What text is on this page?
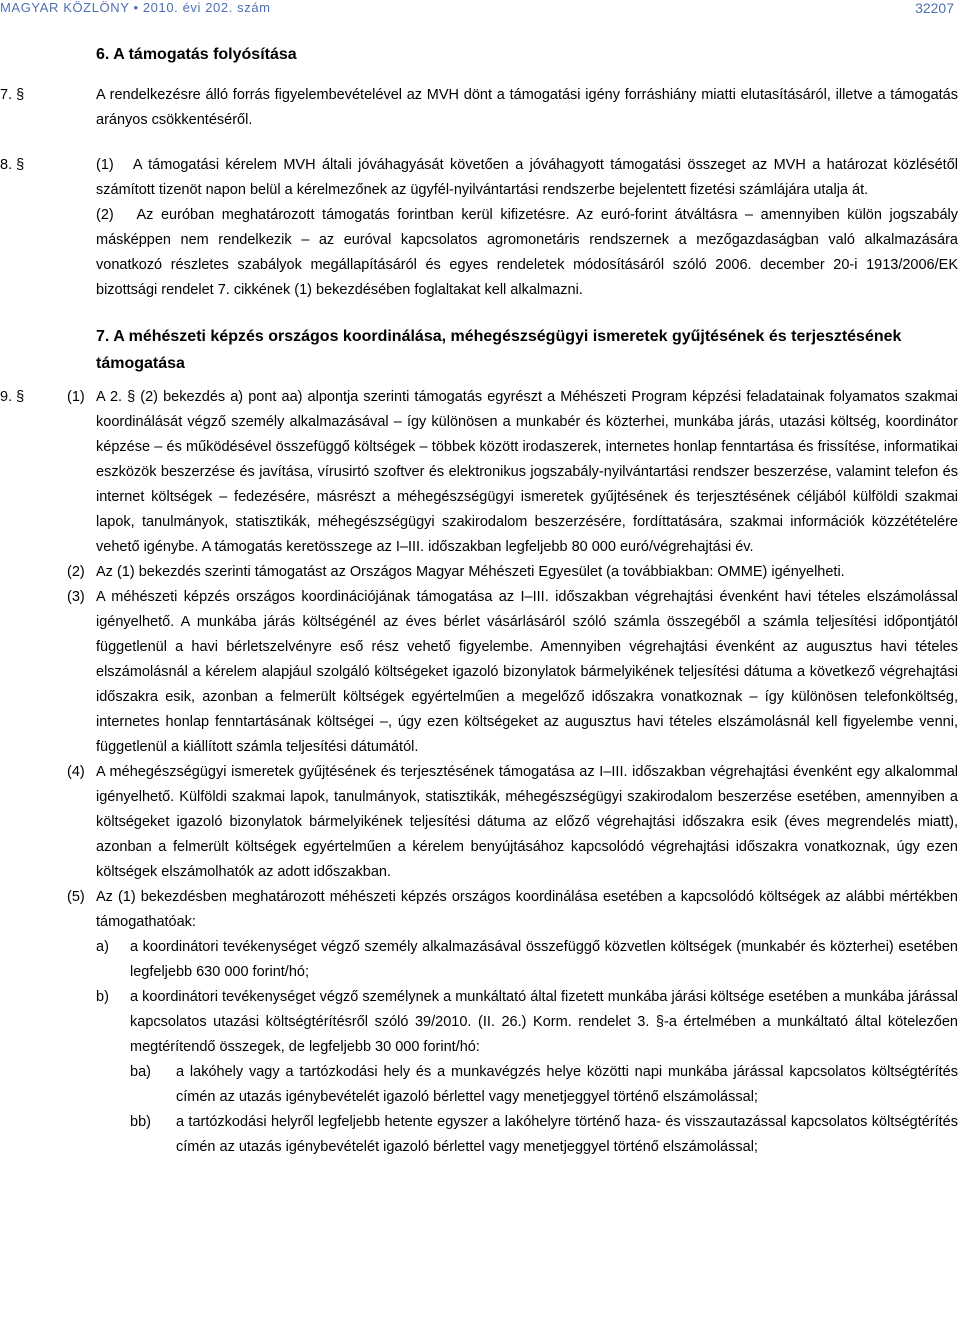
MAGYAR KÖZLÖNY • 2010. évi 202. szám	32207

6. A támogatás folyósítása

7. §	A rendelkezésre álló forrás figyelembevételével az MVH dönt a támogatási igény forráshiány miatti elutasításáról, illetve a támogatás arányos csökkentéséről.

8. §	(1) A támogatási kérelem MVH általi jóváhagyását követően a jóváhagyott támogatási összeget az MVH a határozat közlésétől számított tizenöt napon belül a kérelmezőnek az ügyfél-nyilvántartási rendszerbe bejelentett fizetési számlájára utalja át.

(2) Az euróban meghatározott támogatás forintban kerül kifizetésre. Az euró-forint átváltásra – amennyiben külön jogszabály másképpen nem rendelkezik – az euróval kapcsolatos agromonetáris rendszernek a mezőgazdaságban való alkalmazására vonatkozó részletes szabályok megállapításáról és egyes rendeletek módosításáról szóló 2006. december 20-i 1913/2006/EK bizottsági rendelet 7. cikkének (1) bekezdésében foglaltakat kell alkalmazni.

7. A méhészeti képzés országos koordinálása, méhegészségügyi ismeretek gyűjtésének és terjesztésének támogatása

9. §	(1) A 2. § (2) bekezdés a) pont aa) alpontja szerinti támogatás egyrészt a Méhészeti Program képzési feladatainak folyamatos szakmai koordinálását végző személy alkalmazásával – így különösen a munkabér és közterhei, munkába járás, utazási költség, koordinátor képzése – és működésével összefüggő költségek – többek között irodaszerek, internetes honlap fenntartása és frissítése, informatikai eszközök beszerzése és javítása, vírusirtó szoftver és elektronikus jogszabály-nyilvántartási rendszer beszerzése, valamint telefon és internet költségek – fedezésére, másrészt a méhegészségügyi ismeretek gyűjtésének és terjesztésének céljából külföldi szakmai lapok, tanulmányok, statisztikák, méhegészségügyi szakirodalom beszerzésére, fordíttatására, szakmai információk közzétételére vehető igénybe. A támogatás keretösszege az I–III. időszakban legfeljebb 80 000 euró/végrehajtási év.

(2) Az (1) bekezdés szerinti támogatást az Országos Magyar Méhészeti Egyesület (a továbbiakban: OMME) igényelheti.

(3) A méhészeti képzés országos koordinációjának támogatása az I–III. időszakban végrehajtási évenként havi tételes elszámolással igényelhető. A munkába járás költségénél az éves bérlet vásárlásáról szóló számla összegéből a számla teljesítési időpontjától függetlenül a havi bérletszelvényre eső rész vehető figyelembe. Amennyiben végrehajtási évenként az augusztus havi tételes elszámolásnál a kérelem alapjául szolgáló költségeket igazoló bizonylatok bármelyikének teljesítési dátuma a következő végrehajtási időszakra esik, azonban a felmerült költségek egyértelműen a megelőző időszakra vonatkoznak – így különösen telefonköltség, internetes honlap fenntartásának költségei –, úgy ezen költségeket az augusztus havi tételes elszámolásnál kell figyelembe venni, függetlenül a kiállított számla teljesítési dátumától.

(4) A méhegészségügyi ismeretek gyűjtésének és terjesztésének támogatása az I–III. időszakban végrehajtási évenként egy alkalommal igényelhető. Külföldi szakmai lapok, tanulmányok, statisztikák, méhegészségügyi szakirodalom beszerzése esetében, amennyiben a költségeket igazoló bizonylatok bármelyikének teljesítési dátuma az előző végrehajtási időszakra esik (éves megrendelés miatt), azonban a felmerült költségek egyértelműen a kérelem benyújtásához kapcsolódó végrehajtási időszakra vonatkoznak, úgy ezen költségek elszámolhatók az adott időszakban.

(5) Az (1) bekezdésben meghatározott méhészeti képzés országos koordinálása esetében a kapcsolódó költségek az alábbi mértékben támogathatóak:

a) a koordinátori tevékenységet végző személy alkalmazásával összefüggő közvetlen költségek (munkabér és közterhei) esetében legfeljebb 630 000 forint/hó;

b) a koordinátori tevékenységet végző személynek a munkáltató által fizetett munkába járási költsége esetében a munkába járással kapcsolatos utazási költségtérítésről szóló 39/2010. (II. 26.) Korm. rendelet 3. §-a értelmében a munkáltató által kötelezően megtérítendő összegek, de legfeljebb 30 000 forint/hó:

ba) a lakóhely vagy a tartózkodási hely és a munkavégzés helye közötti napi munkába járással kapcsolatos költségtérítés címén az utazás igénybevételét igazoló bérlettel vagy menetjeggyel történő elszámolással;

bb) a tartózkodási helyről legfeljebb hetente egyszer a lakóhelyre történő haza- és visszautazással kapcsolatos költségtérítés címén az utazás igénybevételét igazoló bérlettel vagy menetjeggyel történő elszámolással;
